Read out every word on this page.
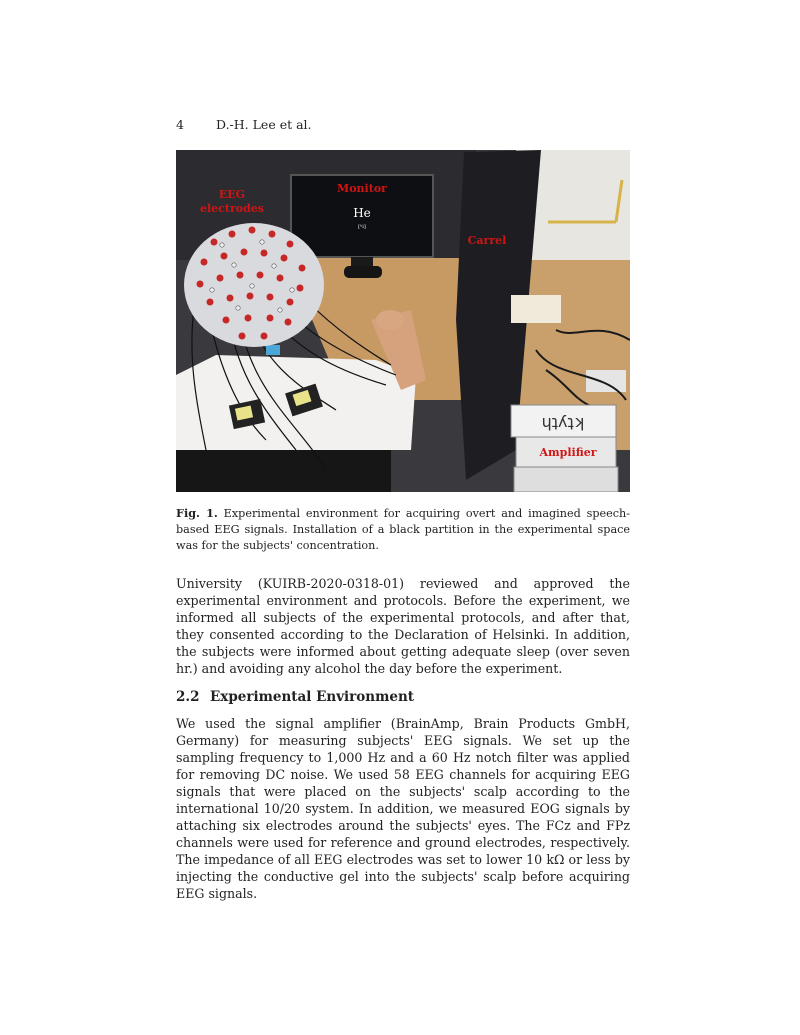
4	D.-H. Lee et al.
He
[ʰi]
ɥʇʎʇʞ
EEG
electrodes
Monitor
Carrel
Amplifier
Fig. 1. Experimental environment for acquiring overt and imagined speech-based EEG signals. Installation of a black partition in the experimental space was for the subjects' concentration.
University (KUIRB-2020-0318-01) reviewed and approved the experimental environment and protocols. Before the experiment, we informed all subjects of the experimental protocols, and after that, they consented according to the Declaration of Helsinki. In addition, the subjects were informed about getting adequate sleep (over seven hr.) and avoiding any alcohol the day before the experiment.
2.2 Experimental Environment
We used the signal amplifier (BrainAmp, Brain Products GmbH, Germany) for measuring subjects' EEG signals. We set up the sampling frequency to 1,000 Hz and a 60 Hz notch filter was applied for removing DC noise. We used 58 EEG channels for acquiring EEG signals that were placed on the subjects' scalp according to the international 10/20 system. In addition, we measured EOG signals by attaching six electrodes around the subjects' eyes. The FCz and FPz channels were used for reference and ground electrodes, respectively. The impedance of all EEG electrodes was set to lower 10 kΩ or less by injecting the conductive gel into the subjects' scalp before acquiring EEG signals.
